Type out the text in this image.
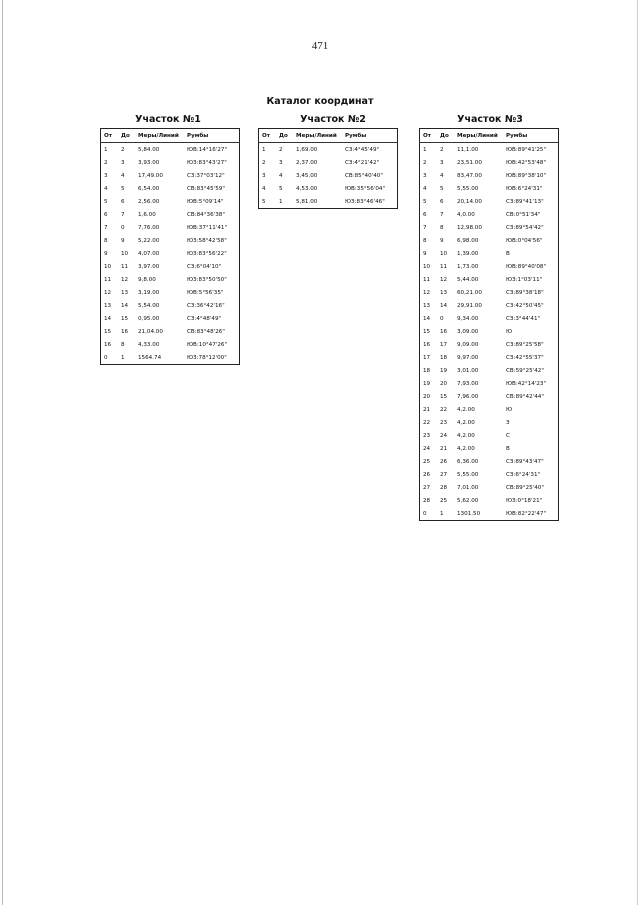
471
Каталог координат
Участок №1	Участок №2	Участок №3
От	До	Меры/Линий	Румбы
1	2	5,84.00	ЮВ:14°16'27"
2	3	3,93.00	ЮЗ:83°43'27"
3	4	17,49.00	СЗ:37°03'12"
4	5	6,54.00	СВ:83°45'59"
5	6	2,56.00	ЮВ:5°09'14"
6	7	1,6.00	СВ:84°36'38"
7	0	7,76.00	ЮВ:37°11'41"
8	9	5,22.00	ЮЗ:58°42'58"
9	10	4,07.00	ЮЗ:83°56'22"
10	11	3,97.00	СЗ:6°04'10"
11	12	9,8.00	ЮЗ:83°50'50"
12	13	3,19.00	ЮВ:5°56'35"
13	14	5,54.00	СЗ:36°42'16"
14	15	0,95.00	СЗ:4°48'49"
15	16	21,04.00	СВ:83°48'26"
16	8	4,33.00	ЮВ:10°47'26"
0	1	1564.74	ЮЗ:78°12'00"
От	До	Меры/Линий	Румбы
1	2	1,69.00	СЗ:4°45'49"
2	3	2,37.00	СЗ:4°21'42"
3	4	3,45.00	СВ:85°40'40"
4	5	4,53.00	ЮВ:35°56'04"
5	1	5,81.00	ЮЗ:83°46'46"
От	До	Меры/Линий	Румбы
1	2	11,1.00	ЮВ:89°41'25"
2	3	23,51.00	ЮВ:42°53'48"
3	4	83,47.00	ЮВ:89°38'10"
4	5	5,55.00	ЮВ:6°24'31"
5	6	20,14.00	СЗ:89°41'13"
6	7	4,0.00	СВ:0°51'34"
7	8	12,98.00	СЗ:89°54'42"
8	9	6,98.00	ЮВ:0°04'56"
9	10	1,39.00	В
10	11	1,73.00	ЮВ:89°40'08"
11	12	5,44.00	ЮЗ:1°03'11"
12	13	60,21.00	СЗ:89°38'18"
13	14	29,91.00	СЗ:42°50'45"
14	0	9,34.00	СЗ:3°44'41"
15	16	3,09.00	Ю
16	17	9,09.00	СЗ:89°25'58"
17	18	9,97.00	СЗ:42°55'37"
18	19	3,01.00	СВ:59°25'42"
19	20	7,93.00	ЮВ:42°14'23"
20	15	7,96.00	СВ:89°42'44"
21	22	4,2.00	Ю
22	23	4,2.00	З
23	24	4,2.00	С
24	21	4,2.00	В
25	26	6,36.00	СЗ:89°43'47"
26	27	5,55.00	СЗ:6°24'31"
27	28	7,01.00	СВ:89°25'40"
28	25	5,62.00	ЮЗ:0°18'21"
0	1	1301.50	ЮВ:82°22'47"
